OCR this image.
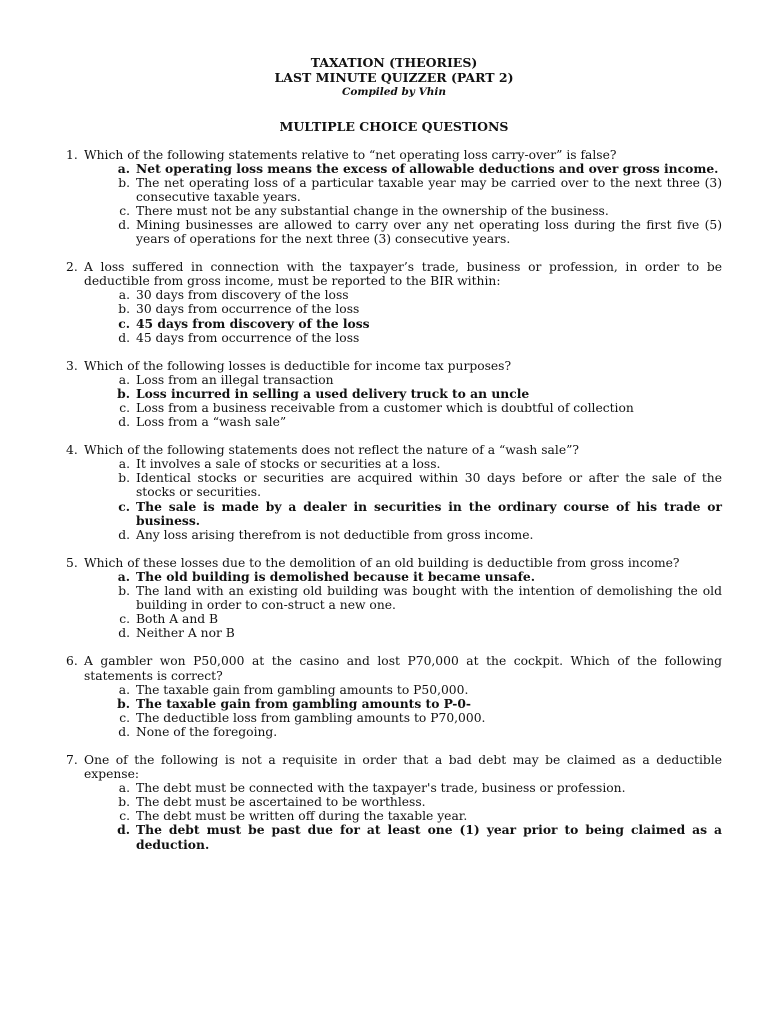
TAXATION (THEORIES)
LAST MINUTE QUIZZER (PART 2)
Compiled by Vhin
MULTIPLE CHOICE QUESTIONS
1. Which of the following statements relative to “net operating loss carry-over” is false?
a. Net operating loss means the excess of allowable deductions and over gross income.
b. The net operating loss of a particular taxable year may be carried over to the next three (3) consecutive taxable years.
c. There must not be any substantial change in the ownership of the business.
d. Mining businesses are allowed to carry over any net operating loss during the first five (5) years of operations for the next three (3) consecutive years.
2. A loss suffered in connection with the taxpayer’s trade, business or profession, in order to be deductible from gross income, must be reported to the BIR within:
a. 30 days from discovery of the loss
b. 30 days from occurrence of the loss
c. 45 days from discovery of the loss
d. 45 days from occurrence of the loss
3. Which of the following losses is deductible for income tax purposes?
a. Loss from an illegal transaction
b. Loss incurred in selling a used delivery truck to an uncle
c. Loss from a business receivable from a customer which is doubtful of collection
d. Loss from a “wash sale”
4. Which of the following statements does not reflect the nature of a “wash sale”?
a. It involves a sale of stocks or securities at a loss.
b. Identical stocks or securities are acquired within 30 days before or after the sale of the stocks or securities.
c. The sale is made by a dealer in securities in the ordinary course of his trade or business.
d. Any loss arising therefrom is not deductible from gross income.
5. Which of these losses due to the demolition of an old building is deductible from gross income?
a. The old building is demolished because it became unsafe.
b. The land with an existing old building was bought with the intention of demolishing the old building in order to con-struct a new one.
c. Both A and B
d. Neither A nor B
6. A gambler won P50,000 at the casino and lost P70,000 at the cockpit. Which of the following statements is correct?
a. The taxable gain from gambling amounts to P50,000.
b. The taxable gain from gambling amounts to P-0-
c. The deductible loss from gambling amounts to P70,000.
d. None of the foregoing.
7. One of the following is not a requisite in order that a bad debt may be claimed as a deductible expense:
a. The debt must be connected with the taxpayer's trade, business or profession.
b. The debt must be ascertained to be worthless.
c. The debt must be written off during the taxable year.
d. The debt must be past due for at least one (1) year prior to being claimed as a deduction.
